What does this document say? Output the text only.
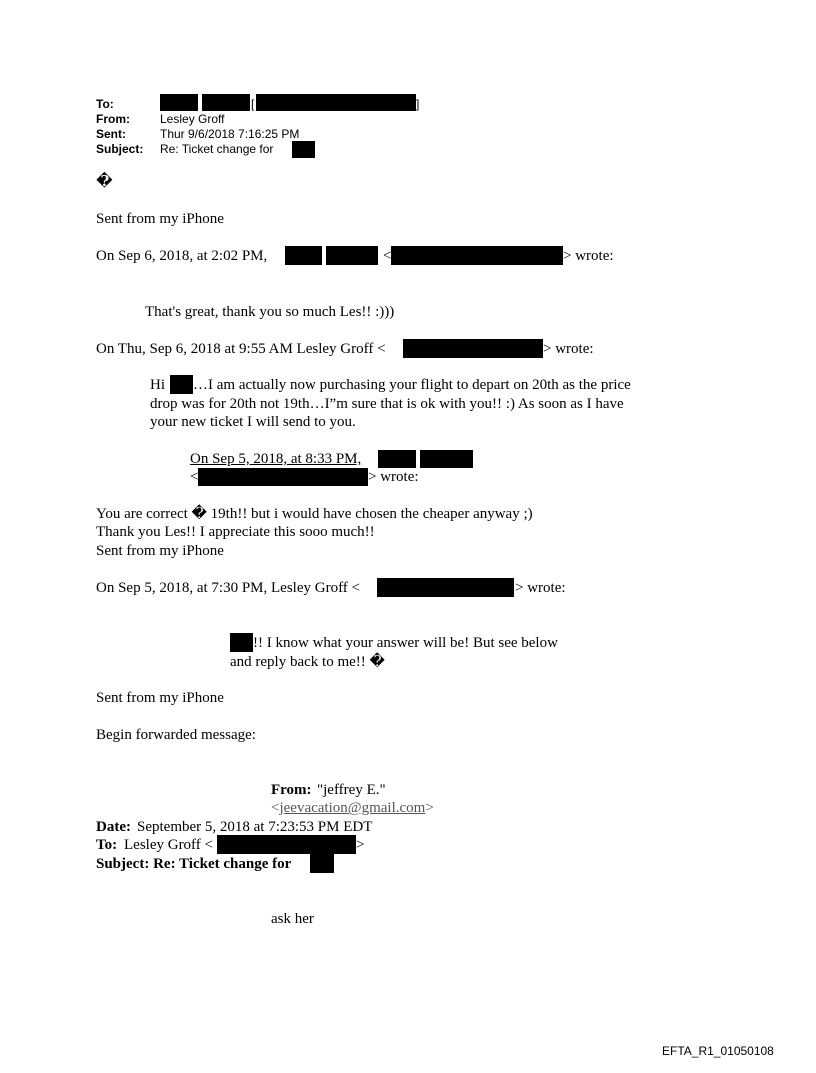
To:	[	]
From:	Lesley Groff
Sent:	Thur 9/6/2018 7:16:25 PM
Subject: Re: Ticket change for
�
Sent from my iPhone
On Sep 6, 2018, at 2:02 PM,	<	> wrote:
That's great, thank you so much Les!! :)))
On Thu, Sep 6, 2018 at 9:55 AM Lesley Groff <	> wrote:
Hi …I am actually now purchasing your flight to depart on 20th as the price
drop was for 20th not 19th…I”m sure that is ok with you!! :) As soon as I have
your new ticket I will send to you.
On Sep 5, 2018, at 8:33 PM,
<	> wrote:
You are correct � 19th!! but i would have chosen the cheaper anyway ;)
Thank you Les!! I appreciate this sooo much!!
Sent from my iPhone
On Sep 5, 2018, at 7:30 PM, Lesley Groff <	> wrote:
!! I know what your answer will be! But see below
and reply back to me!! �
Sent from my iPhone
Begin forwarded message:
From: "jeffrey E."
<jeevacation@gmail.com>
Date: September 5, 2018 at 7:23:53 PM EDT
To: Lesley Groff <	>
Subject: Re: Ticket change for
ask her
EFTA_R1_01050108
